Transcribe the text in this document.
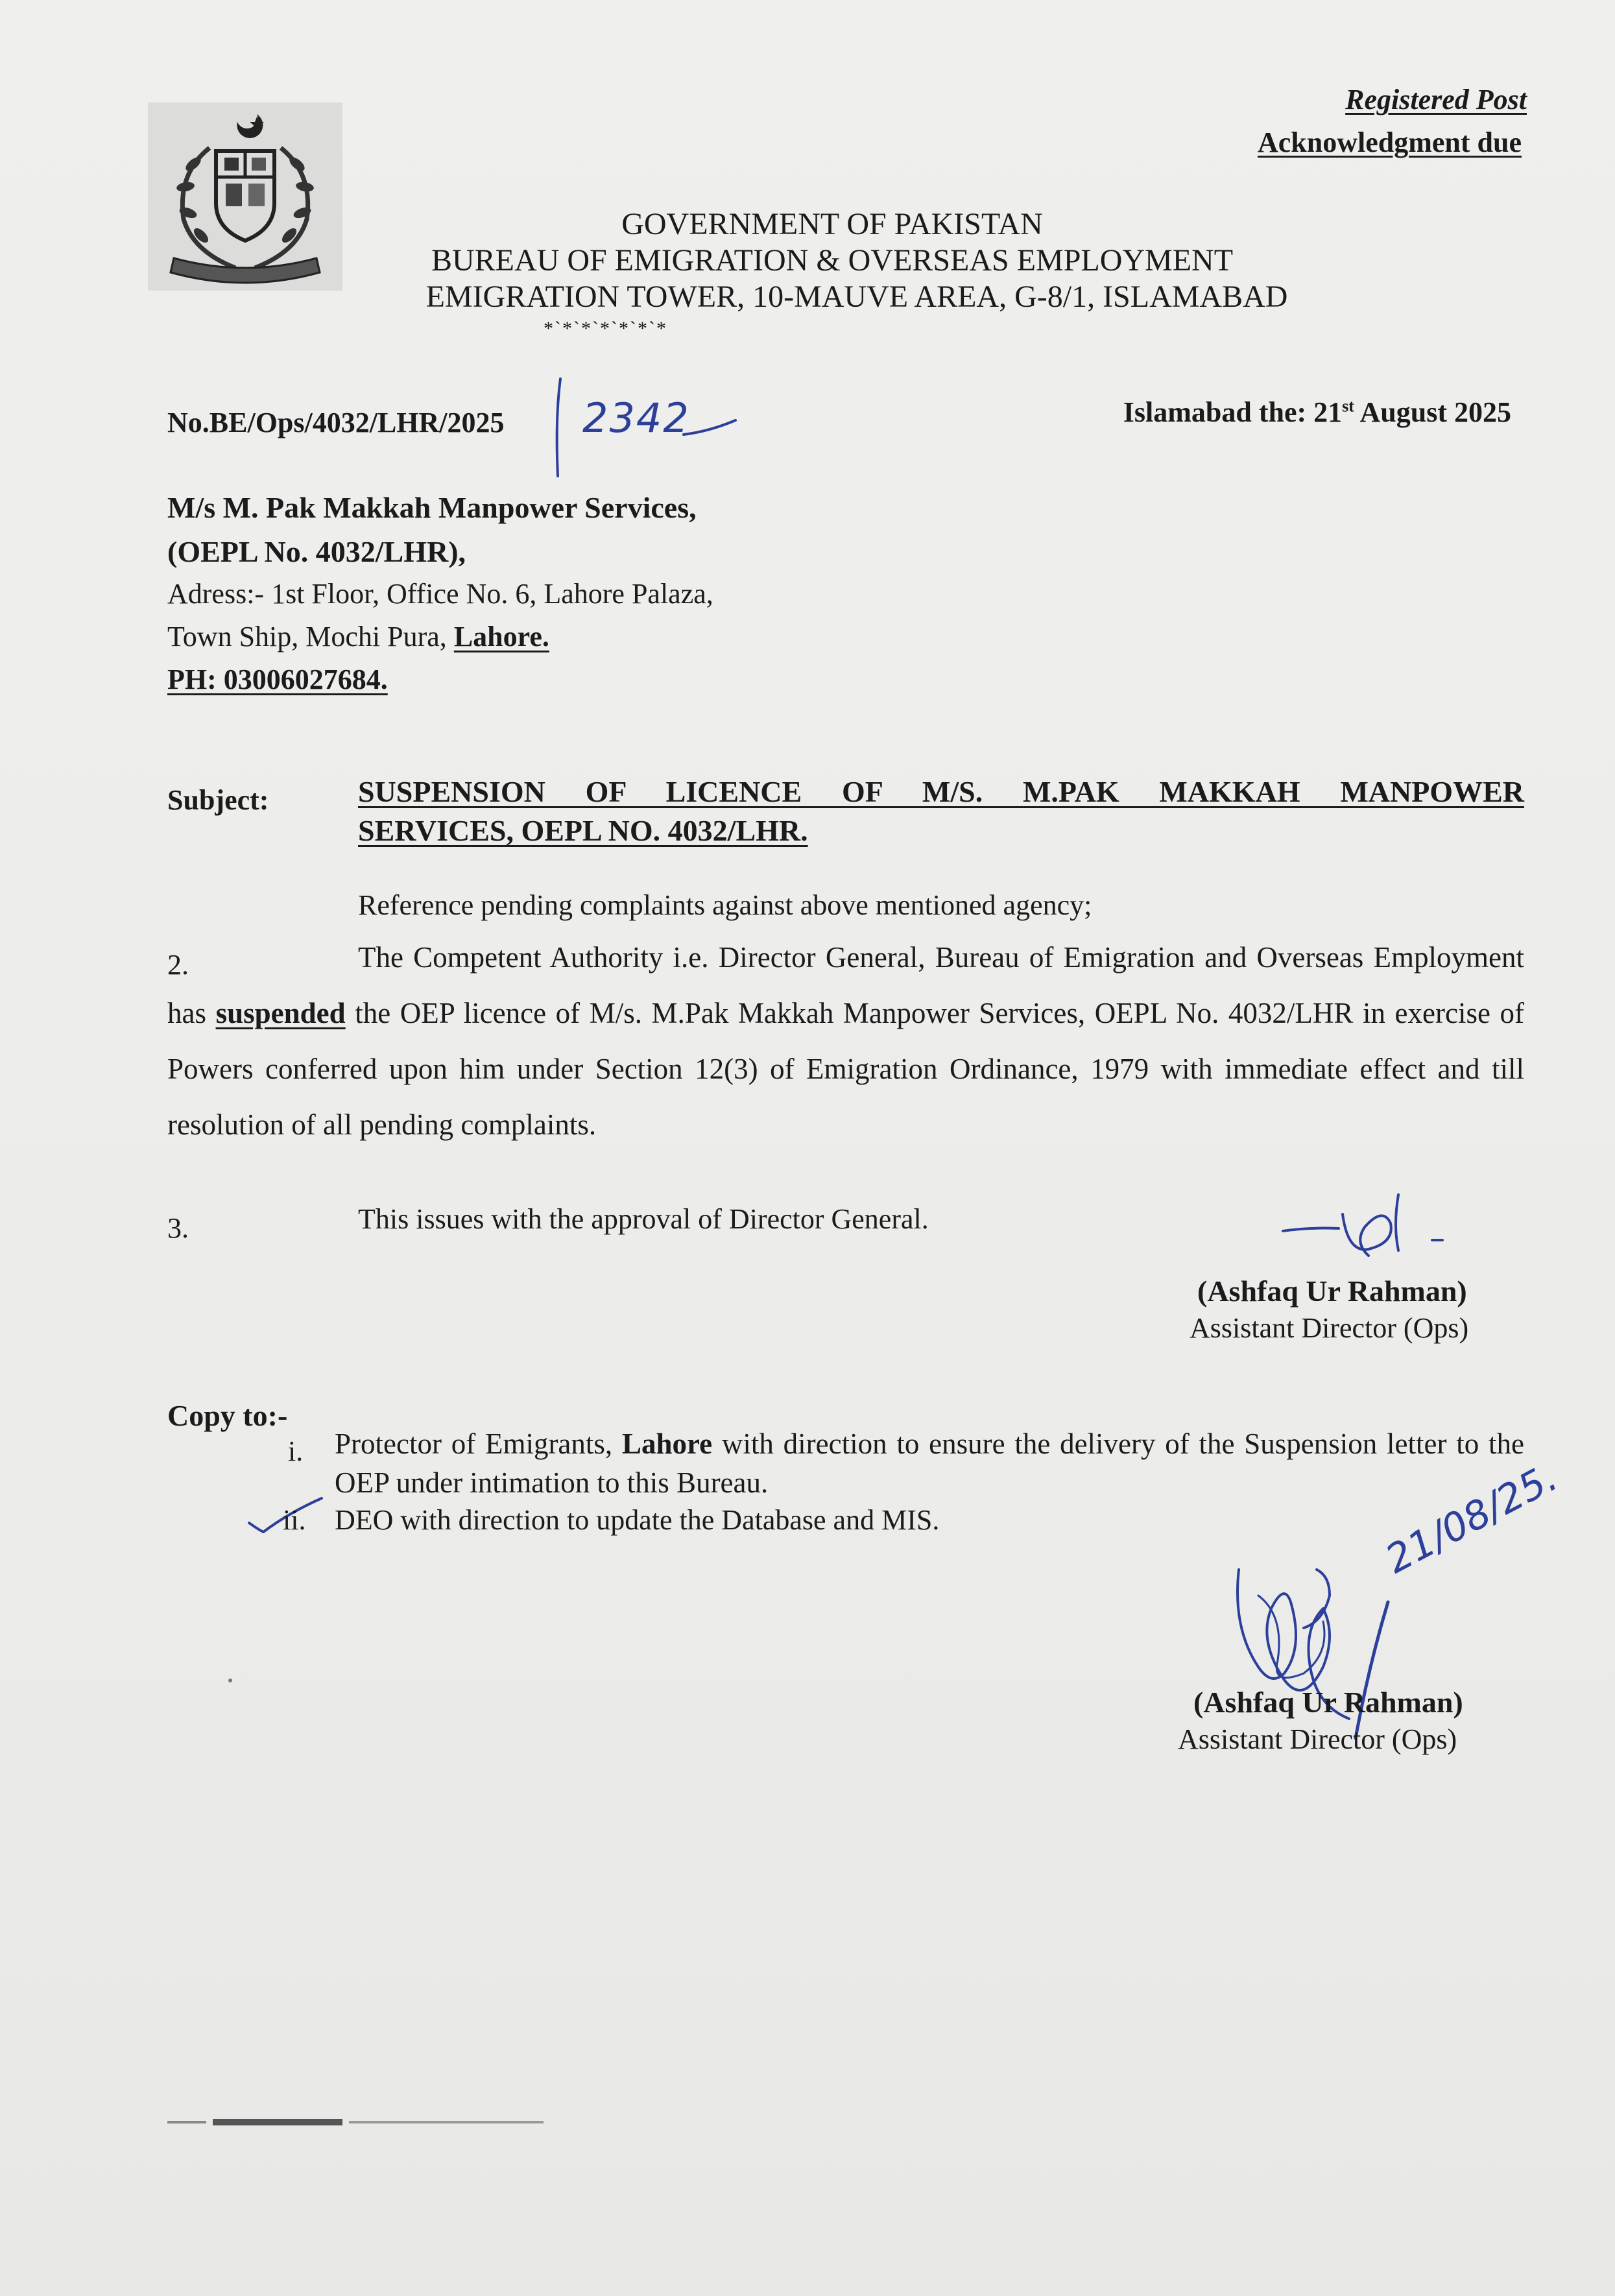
Registered Post
Acknowledgment due
GOVERNMENT OF PAKISTAN
BUREAU OF EMIGRATION & OVERSEAS EMPLOYMENT
EMIGRATION TOWER, 10-MAUVE AREA, G-8/1, ISLAMABAD
*`*`*`*`*`*`*
No.BE/Ops/4032/LHR/2025 2342	Islamabad the: 21st August 2025
M/s M. Pak Makkah Manpower Services,
(OEPL No. 4032/LHR),
Adress:- 1st Floor, Office No. 6, Lahore Palaza,
Town Ship, Mochi Pura, Lahore.
PH: 03006027684.
Subject:	SUSPENSION OF LICENCE OF M/S. M.PAK MAKKAH MANPOWER
SERVICES, OEPL NO. 4032/LHR.
Reference pending complaints against above mentioned agency;
2.	The Competent Authority i.e. Director General, Bureau of Emigration and Overseas Employment has suspended the OEP licence of M/s. M.Pak Makkah Manpower Services, OEPL No. 4032/LHR in exercise of Powers conferred upon him under Section 12(3) of Emigration Ordinance, 1979 with immediate effect and till resolution of all pending complaints.
3.	This issues with the approval of Director General.
(Ashfaq Ur Rahman)
Assistant Director (Ops)
Copy to:-
i. Protector of Emigrants, Lahore with direction to ensure the delivery of the Suspension letter to the OEP under intimation to this Bureau.
ii. DEO with direction to update the Database and MIS.	21/08/25.
(Ashfaq Ur Rahman)
Assistant Director (Ops)
